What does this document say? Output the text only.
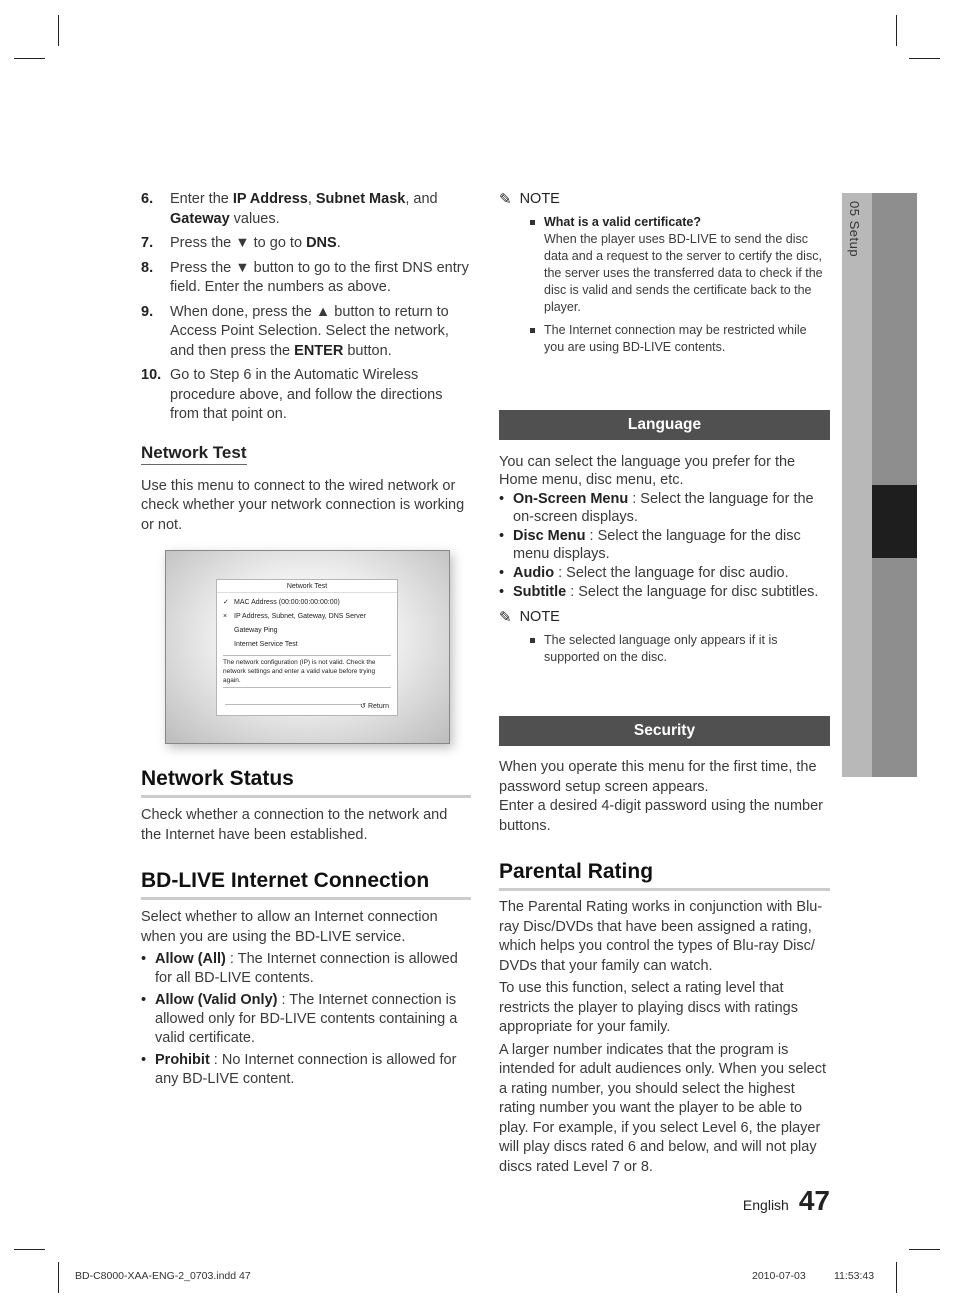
6. Enter the IP Address, Subnet Mask, and Gateway values.
7. Press the ▼ to go to DNS.
8. Press the ▼ button to go to the first DNS entry field. Enter the numbers as above.
9. When done, press the ▲ button to return to Access Point Selection. Select the network, and then press the ENTER button.
10. Go to Step 6 in the Automatic Wireless procedure above, and follow the directions from that point on.
Network Test

Use this menu to connect to the wired network or check whether your network connection is working or not.

Network Status

Check whether a connection to the network and the Internet have been established.

BD-LIVE Internet Connection

Select whether to allow an Internet connection when you are using the BD-LIVE service.

• Allow (All) : The Internet connection is allowed for all BD-LIVE contents.
• Allow (Valid Only) : The Internet connection is allowed only for BD-LIVE contents containing a valid certificate.
• Prohibit : No Internet connection is allowed for any BD-LIVE content.
Network Test
✓ MAC Address (00:00:00:00:00:00)
× IP Address, Subnet, Gateway, DNS Server
Gateway Ping
Internet Service Test
The network configuration (IP) is not valid. Check the network settings and enter a valid value before trying again.
↺ Return
✎ NOTE
What is a valid certificate?
When the player uses BD-LIVE to send the disc data and a request to the server to certify the disc, the server uses the transferred data to check if the disc is valid and sends the certificate back to the player.
The Internet connection may be restricted while you are using BD-LIVE contents.
Language

You can select the language you prefer for the Home menu, disc menu, etc.

• On-Screen Menu : Select the language for the on-screen displays.
• Disc Menu : Select the language for the disc menu displays.
• Audio : Select the language for disc audio.
• Subtitle : Select the language for disc subtitles.
✎ NOTE
The selected language only appears if it is supported on the disc.
Security

When you operate this menu for the first time, the password setup screen appears.

Enter a desired 4-digit password using the number buttons.

Parental Rating

The Parental Rating works in conjunction with Blu-ray Disc/DVDs that have been assigned a rating, which helps you control the types of Blu-ray Disc/ DVDs that your family can watch.

To use this function, select a rating level that restricts the player to playing discs with ratings appropriate for your family.

A larger number indicates that the program is intended for adult audiences only. When you select a rating number, you should select the highest rating number you want the player to be able to play. For example, if you select Level 6, the player will play discs rated 6 and below, and will not play discs rated Level 7 or 8.

05 Setup
English 47
BD-C8000-XAA-ENG-2_0703.indd 47	2010-07-03	11:53:43
